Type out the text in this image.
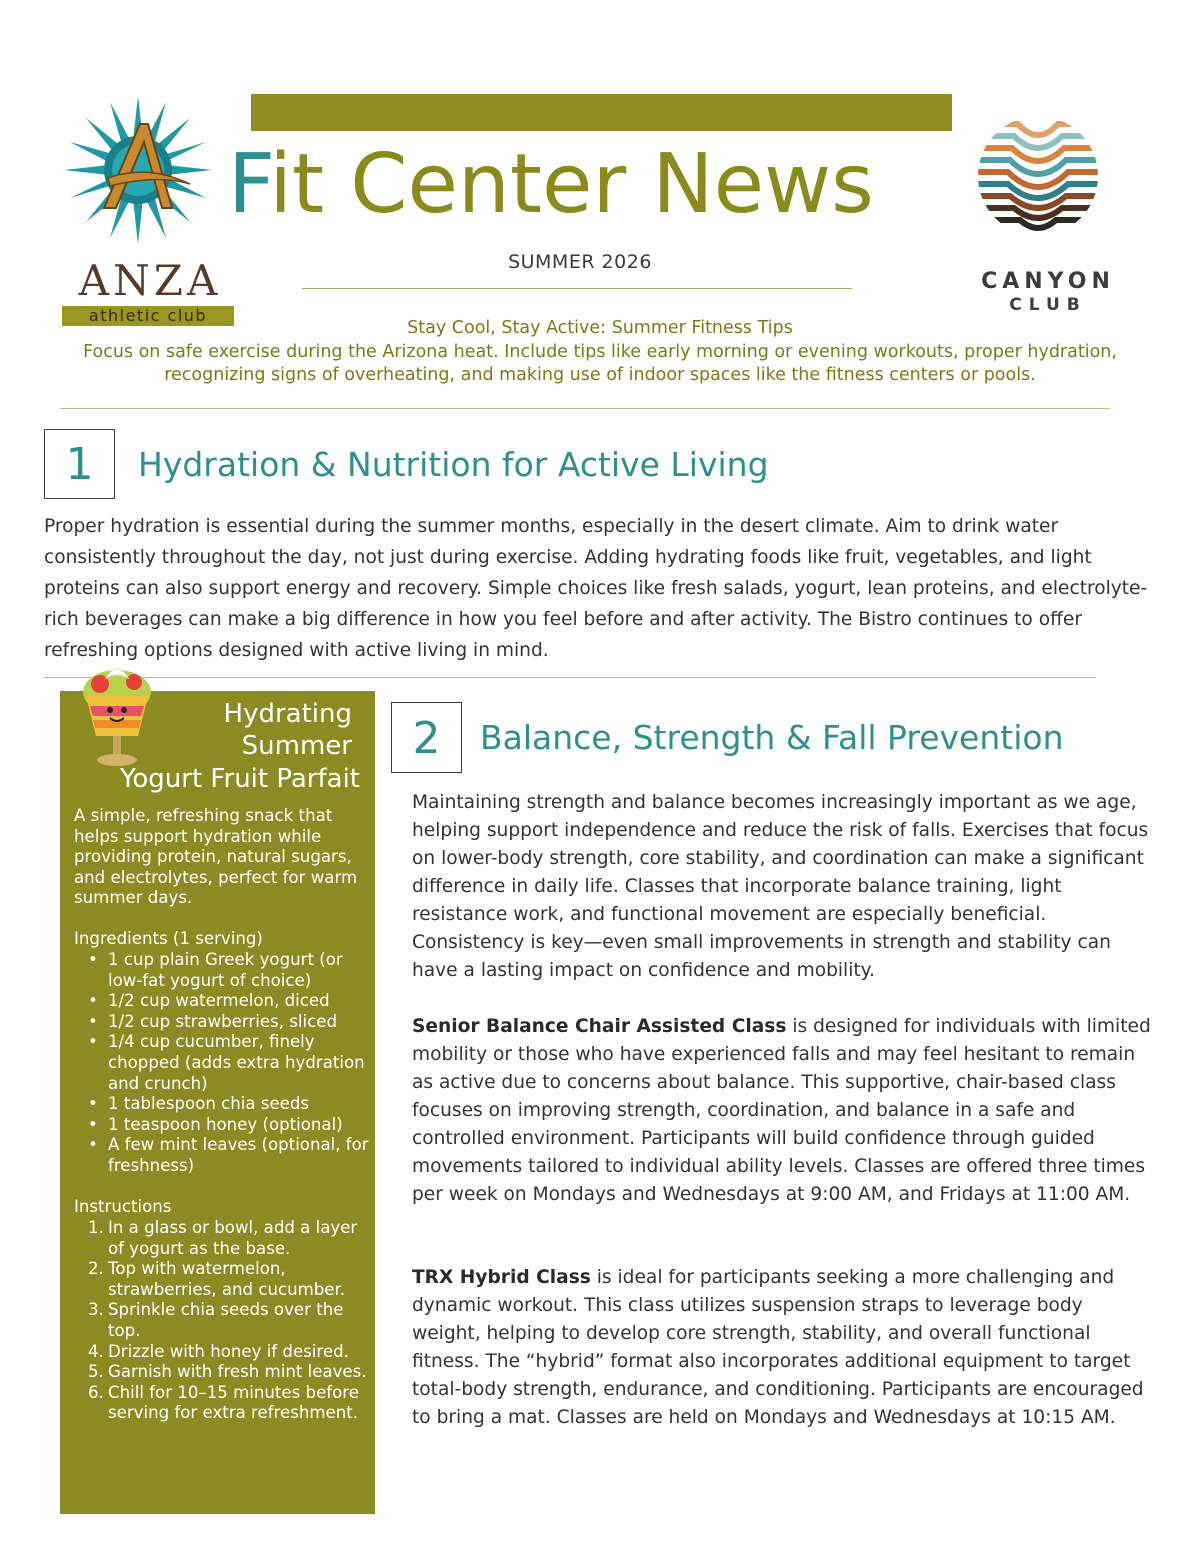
Fit Center News
SUMMER 2026
ANZA
athletic club
CANYON
CLUB
Stay Cool, Stay Active: Summer Fitness Tips
Focus on safe exercise during the Arizona heat. Include tips like early morning or evening workouts, proper hydration, recognizing signs of overheating, and making use of indoor spaces like the fitness centers or pools.
1	Hydration & Nutrition for Active Living
Proper hydration is essential during the summer months, especially in the desert climate. Aim to drink water consistently throughout the day, not just during exercise. Adding hydrating foods like fruit, vegetables, and light proteins can also support energy and recovery. Simple choices like fresh salads, yogurt, lean proteins, and electrolyte-rich beverages can make a big difference in how you feel before and after activity. The Bistro continues to offer refreshing options designed with active living in mind.
Hydrating
Summer
Yogurt Fruit Parfait
A simple, refreshing snack that helps support hydration while providing protein, natural sugars, and electrolytes, perfect for warm summer days.
Ingredients (1 serving)
• 1 cup plain Greek yogurt (or low-fat yogurt of choice)
• 1/2 cup watermelon, diced
• 1/2 cup strawberries, sliced
• 1/4 cup cucumber, finely chopped (adds extra hydration and crunch)
• 1 tablespoon chia seeds
• 1 teaspoon honey (optional)
• A few mint leaves (optional, for freshness)
Instructions
1. In a glass or bowl, add a layer of yogurt as the base.
2. Top with watermelon, strawberries, and cucumber.
3. Sprinkle chia seeds over the top.
4. Drizzle with honey if desired.
5. Garnish with fresh mint leaves.
6. Chill for 10–15 minutes before serving for extra refreshment.
2	Balance, Strength & Fall Prevention
Maintaining strength and balance becomes increasingly important as we age, helping support independence and reduce the risk of falls. Exercises that focus on lower-body strength, core stability, and coordination can make a significant difference in daily life. Classes that incorporate balance training, light resistance work, and functional movement are especially beneficial. Consistency is key—even small improvements in strength and stability can have a lasting impact on confidence and mobility.
Senior Balance Chair Assisted Class is designed for individuals with limited mobility or those who have experienced falls and may feel hesitant to remain as active due to concerns about balance. This supportive, chair-based class focuses on improving strength, coordination, and balance in a safe and controlled environment. Participants will build confidence through guided movements tailored to individual ability levels. Classes are offered three times per week on Mondays and Wednesdays at 9:00 AM, and Fridays at 11:00 AM.
TRX Hybrid Class is ideal for participants seeking a more challenging and dynamic workout. This class utilizes suspension straps to leverage body weight, helping to develop core strength, stability, and overall functional fitness. The “hybrid” format also incorporates additional equipment to target total-body strength, endurance, and conditioning. Participants are encouraged to bring a mat. Classes are held on Mondays and Wednesdays at 10:15 AM.
